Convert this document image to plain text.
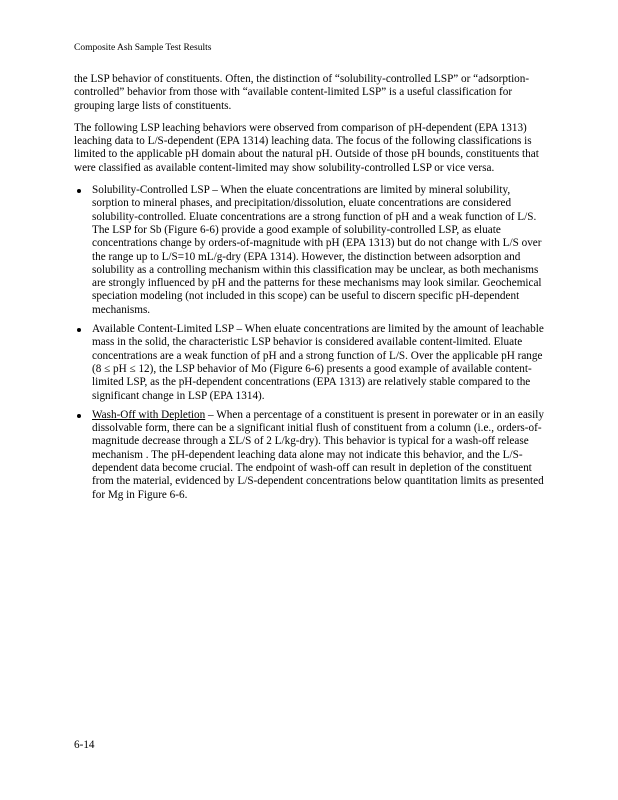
Composite Ash Sample Test Results

the LSP behavior of constituents. Often, the distinction of “solubility-controlled LSP” or “adsorption-controlled” behavior from those with “available content-limited LSP” is a useful classification for grouping large lists of constituents.

The following LSP leaching behaviors were observed from comparison of pH-dependent (EPA 1313) leaching data to L/S-dependent (EPA 1314) leaching data. The focus of the following classifications is limited to the applicable pH domain about the natural pH. Outside of those pH bounds, constituents that were classified as available content-limited may show solubility-controlled LSP or vice versa.

Solubility-Controlled LSP – When the eluate concentrations are limited by mineral solubility, sorption to mineral phases, and precipitation/dissolution, eluate concentrations are considered solubility-controlled. Eluate concentrations are a strong function of pH and a weak function of L/S. The LSP for Sb (Figure 6-6) provide a good example of solubility-controlled LSP, as eluate concentrations change by orders-of-magnitude with pH (EPA 1313) but do not change with L/S over the range up to L/S=10 mL/g-dry (EPA 1314). However, the distinction between adsorption and solubility as a controlling mechanism within this classification may be unclear, as both mechanisms are strongly influenced by pH and the patterns for these mechanisms may look similar. Geochemical speciation modeling (not included in this scope) can be useful to discern specific pH-dependent mechanisms.
Available Content-Limited LSP – When eluate concentrations are limited by the amount of leachable mass in the solid, the characteristic LSP behavior is considered available content-limited. Eluate concentrations are a weak function of pH and a strong function of L/S. Over the applicable pH range (8 ≤ pH ≤ 12), the LSP behavior of Mo (Figure 6-6) presents a good example of available content-limited LSP, as the pH-dependent concentrations (EPA 1313) are relatively stable compared to the significant change in LSP (EPA 1314).
Wash-Off with Depletion – When a percentage of a constituent is present in porewater or in an easily dissolvable form, there can be a significant initial flush of constituent from a column (i.e., orders-of-magnitude decrease through a ΣL/S of 2 L/kg-dry). This behavior is typical for a wash-off release mechanism . The pH-dependent leaching data alone may not indicate this behavior, and the L/S-dependent data become crucial. The endpoint of wash-off can result in depletion of the constituent from the material, evidenced by L/S-dependent concentrations below quantitation limits as presented for Mg in Figure 6-6.
6-14
